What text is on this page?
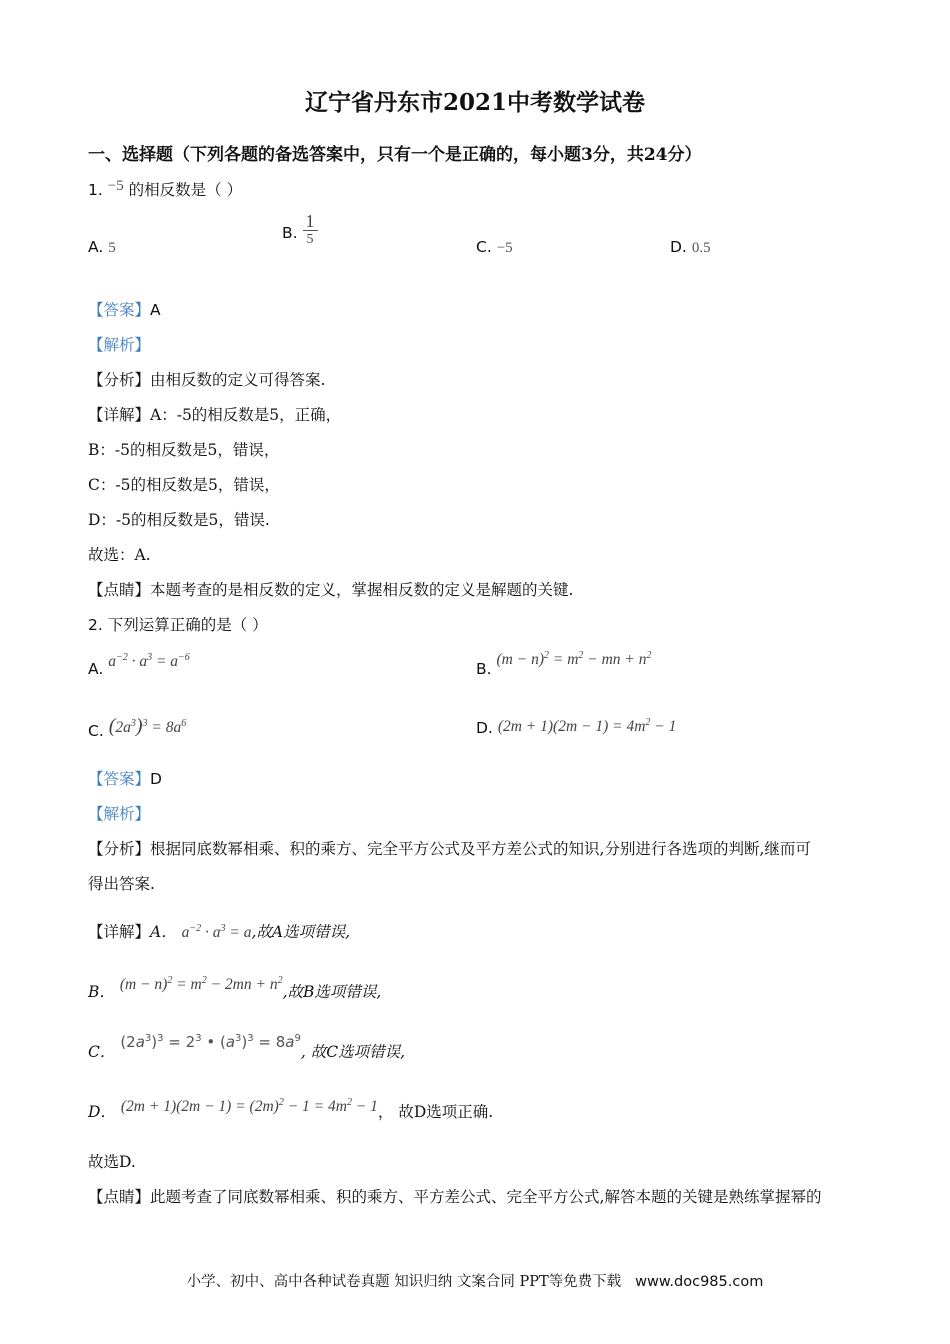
辽宁省丹东市2021中考数学试卷
一、选择题（下列各题的备选答案中，只有一个是正确的，每小题3分，共24分）
1. −5 的相反数是（ ）
A. 5
B. $\frac{1}{5}$	C. −5	D. 0.5
【答案】A
【解析】
【分析】由相反数的定义可得答案.
【详解】A：-5的相反数是5，正确，
B：-5的相反数是5，错误，
C：-5的相反数是5，错误，
D：-5的相反数是5，错误.
故选：A.
【点睛】本题考查的是相反数的定义，掌握相反数的定义是解题的关键.
2. 下列运算正确的是（ ）
A. $a^{-2} \cdot a^3 = a^{-6}$
B. $(m - n)^2 = m^2$ − mn + $n^2$
C. $(2a^3)^3 = 8a^6$	D. $(2m + 1)(2m - 1) = 4m^2 - 1$
【答案】D
【解析】
【分析】根据同底数幂相乘、积的乘方、完全平方公式及平方差公式的知识,分别进行各选项的判断,继而可
得出答案.
【详解】A． $a^{-2} \cdot a^3 = a$,故A选项错误,
B． $(m - n)^2 = m^2 - 2mn + n^2$,故B选项错误,
C． $(2a^3)^3 = 2^3$ • $(a^3)^3 = 8a^9$, 故C选项错误,
D． $(2m + 1)(2m - 1) = (2m)^2 - 1 = 4m^2 - 1$， 故D选项正确.
故选D.
【点睛】此题考查了同底数幂相乘、积的乘方、平方差公式、完全平方公式,解答本题的关键是熟练掌握幂的
小学、初中、高中各种试卷真题 知识归纳 文案合同 PPT等免费下载 www.doc985.com
